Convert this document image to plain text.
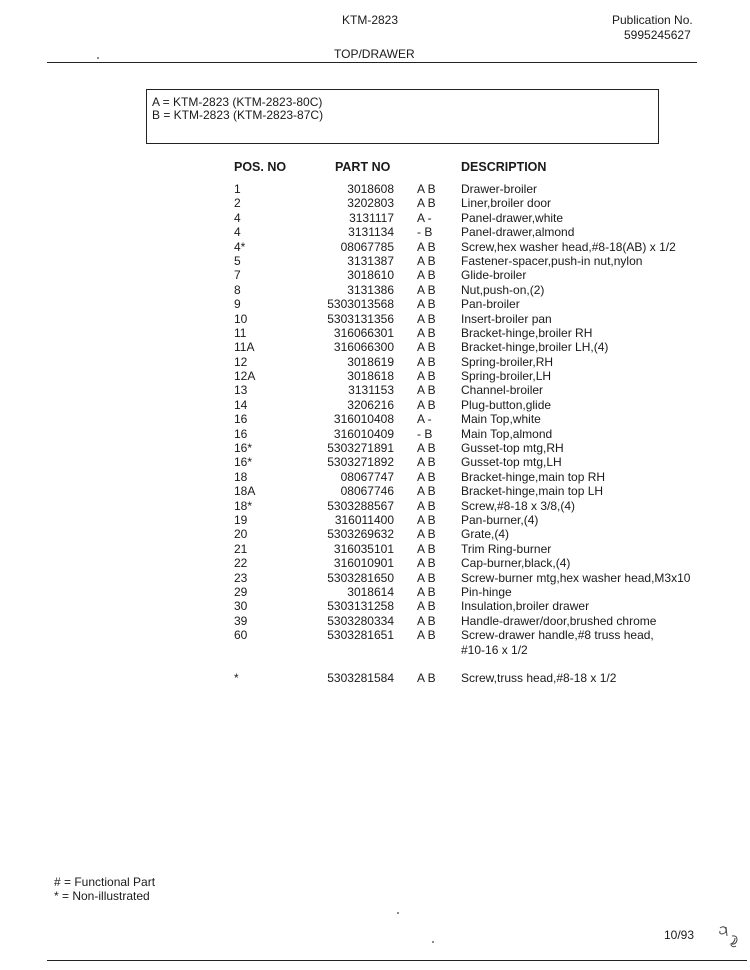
KTM-2823	Publication No.
5995245627
TOP/DRAWER
A = KTM-2823 (KTM-2823-80C)
B = KTM-2823 (KTM-2823-87C)
POS. NO	PART NO	DESCRIPTION
1	3018608 A B	Drawer-broiler
2	3202803 A B	Liner,broiler door
4	3131117 A -	Panel-drawer,white
4	3131134 - B	Panel-drawer,almond
4*	08067785 A B	Screw,hex washer head,#8-18(AB) x 1/2
5	3131387 A B	Fastener-spacer,push-in nut,nylon
7	3018610 A B	Glide-broiler
8	3131386 A B	Nut,push-on,(2)
9	5303013568 A B	Pan-broiler
10	5303131356 A B	Insert-broiler pan
11	316066301 A B	Bracket-hinge,broiler RH
11A	316066300 A B	Bracket-hinge,broiler LH,(4)
12	3018619 A B	Spring-broiler,RH
12A	3018618 A B	Spring-broiler,LH
13	3131153 A B	Channel-broiler
14	3206216 A B	Plug-button,glide
16	316010408 A -	Main Top,white
16	316010409 - B	Main Top,almond
16*	5303271891 A B	Gusset-top mtg,RH
16*	5303271892 A B	Gusset-top mtg,LH
18	08067747 A B	Bracket-hinge,main top RH
18A	08067746 A B	Bracket-hinge,main top LH
18*	5303288567 A B	Screw,#8-18 x 3/8,(4)
19	316011400 A B	Pan-burner,(4)
20	5303269632 A B	Grate,(4)
21	316035101 A B	Trim Ring-burner
22	316010901 A B	Cap-burner,black,(4)
23	5303281650 A B	Screw-burner mtg,hex washer head,M3x10
29	3018614 A B	Pin-hinge
30	5303131258 A B	Insulation,broiler drawer
39	5303280334 A B	Handle-drawer/door,brushed chrome
60	5303281651 A B	Screw-drawer handle,#8 truss head,
#10-16 x 1/2
*	5303281584 A B	Screw,truss head,#8-18 x 1/2
# = Functional Part
* = Non-illustrated
10/93
